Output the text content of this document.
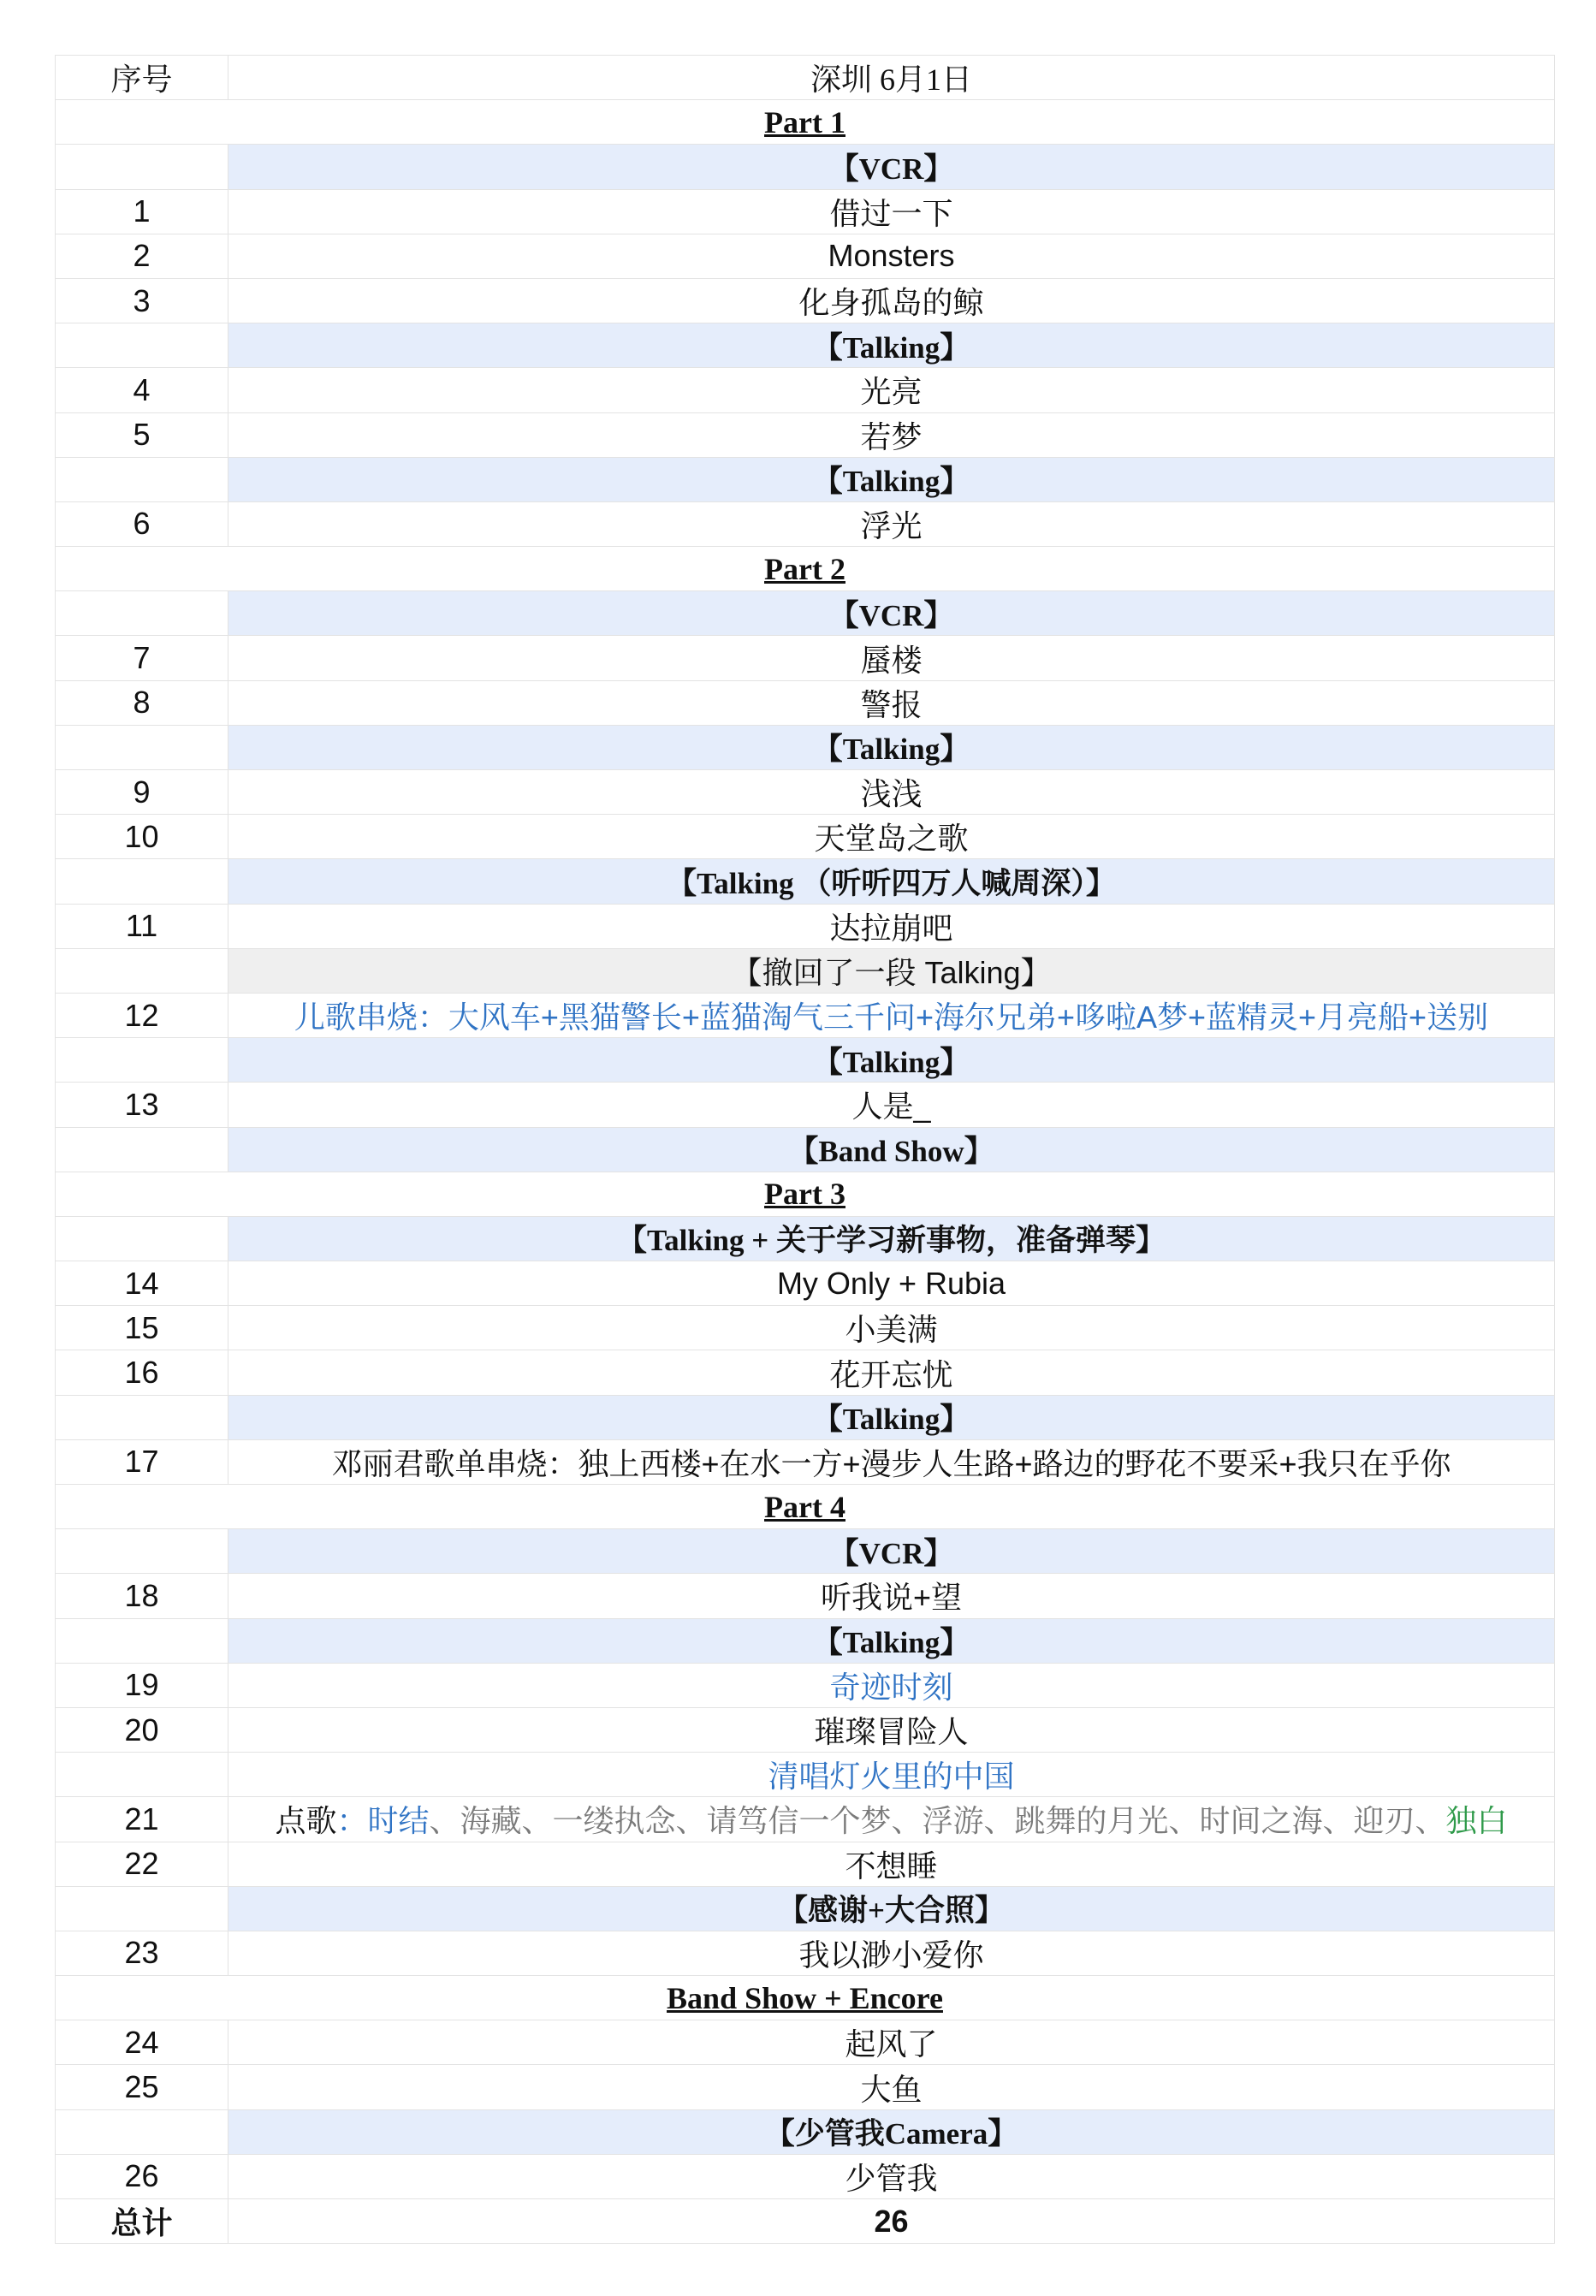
序号	深圳 6月1日
Part 1	
	【VCR】
1	借过一下
2	Monsters
3	化身孤岛的鲸
	【Talking】
4	光亮
5	若梦
	【Talking】
6	浮光
Part 2	
	【VCR】
7	蜃楼
8	警报
	【Talking】
9	浅浅
10	天堂岛之歌
	【Talking （听听四万人喊周深）】
11	达拉崩吧
	【撤回了一段 Talking】
12	儿歌串烧：大风车+黑猫警长+蓝猫淘气三千问+海尔兄弟+哆啦A梦+蓝精灵+月亮船+送别
	【Talking】
13	人是_
	【Band Show】
Part 3	
	【Talking + 关于学习新事物，准备弹琴】
14	My Only + Rubia
15	小美满
16	花开忘忧
	【Talking】
17	邓丽君歌单串烧：独上西楼+在水一方+漫步人生路+路边的野花不要采+我只在乎你
Part 4	
	【VCR】
18	听我说+望
	【Talking】
19	奇迹时刻
20	璀璨冒险人
	清唱灯火里的中国
21	点歌：时结、海藏、一缕执念、请笃信一个梦、浮游、跳舞的月光、时间之海、迎刃、独白
22	不想睡
	【感谢+大合照】
23	我以渺小爱你
Band Show + Encore	
24	起风了
25	大鱼
	【少管我Camera】
26	少管我
总计	26
